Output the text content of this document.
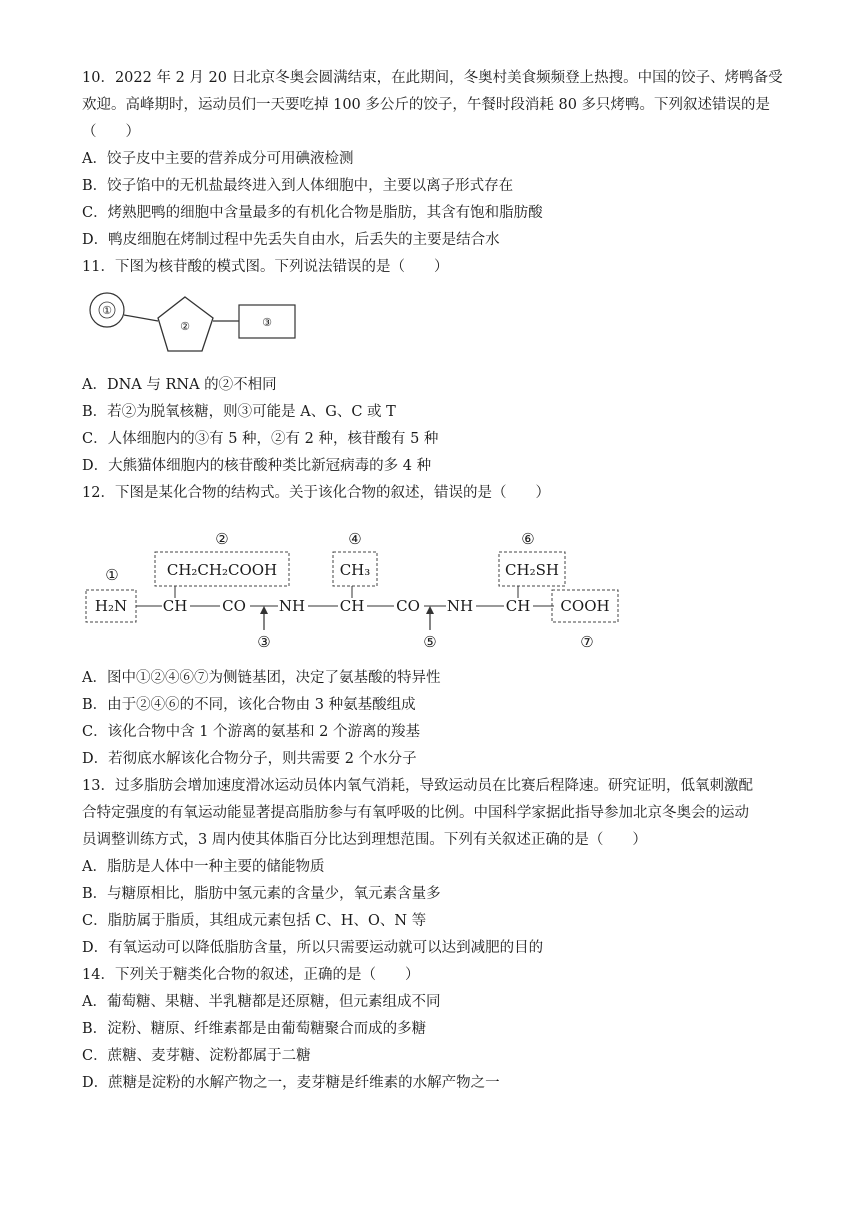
10．2022 年 2 月 20 日北京冬奥会圆满结束，在此期间，冬奥村美食频频登上热搜。中国的饺子、烤鸭备受
欢迎。高峰期时，运动员们一天要吃掉 100 多公斤的饺子，午餐时段消耗 80 多只烤鸭。下列叙述错误的是
（　　）
A．饺子皮中主要的营养成分可用碘液检测
B．饺子馅中的无机盐最终进入到人体细胞中，主要以离子形式存在
C．烤熟肥鸭的细胞中含量最多的有机化合物是脂肪，其含有饱和脂肪酸
D．鸭皮细胞在烤制过程中先丢失自由水，后丢失的主要是结合水
11．下图为核苷酸的模式图。下列说法错误的是（　　）
①
②	③
A．DNA 与 RNA 的②不相同
B．若②为脱氧核糖，则③可能是 A、G、C 或 T
C．人体细胞内的③有 5 种，②有 2 种，核苷酸有 5 种
D．大熊猫体细胞内的核苷酸种类比新冠病毒的多 4 种
12．下图是某化合物的结构式。关于该化合物的叙述，错误的是（　　）
①
②	④	⑥
③	⑤	⑦
CH₂CH₂COOH	CH₃	CH₂SH
H₂N CH CO NH CH CO NH CH COOH
A．图中①②④⑥⑦为侧链基团，决定了氨基酸的特异性
B．由于②④⑥的不同，该化合物由 3 种氨基酸组成
C．该化合物中含 1 个游离的氨基和 2 个游离的羧基
D．若彻底水解该化合物分子，则共需要 2 个水分子
13．过多脂肪会增加速度滑冰运动员体内氧气消耗，导致运动员在比赛后程降速。研究证明，低氧刺激配
合特定强度的有氧运动能显著提高脂肪参与有氧呼吸的比例。中国科学家据此指导参加北京冬奥会的运动
员调整训练方式，3 周内使其体脂百分比达到理想范围。下列有关叙述正确的是（　　）
A．脂肪是人体中一种主要的储能物质
B．与糖原相比，脂肪中氢元素的含量少，氧元素含量多
C．脂肪属于脂质，其组成元素包括 C、H、O、N 等
D．有氧运动可以降低脂肪含量，所以只需要运动就可以达到减肥的目的
14．下列关于糖类化合物的叙述，正确的是（　　）
A．葡萄糖、果糖、半乳糖都是还原糖，但元素组成不同
B．淀粉、糖原、纤维素都是由葡萄糖聚合而成的多糖
C．蔗糖、麦芽糖、淀粉都属于二糖
D．蔗糖是淀粉的水解产物之一，麦芽糖是纤维素的水解产物之一
